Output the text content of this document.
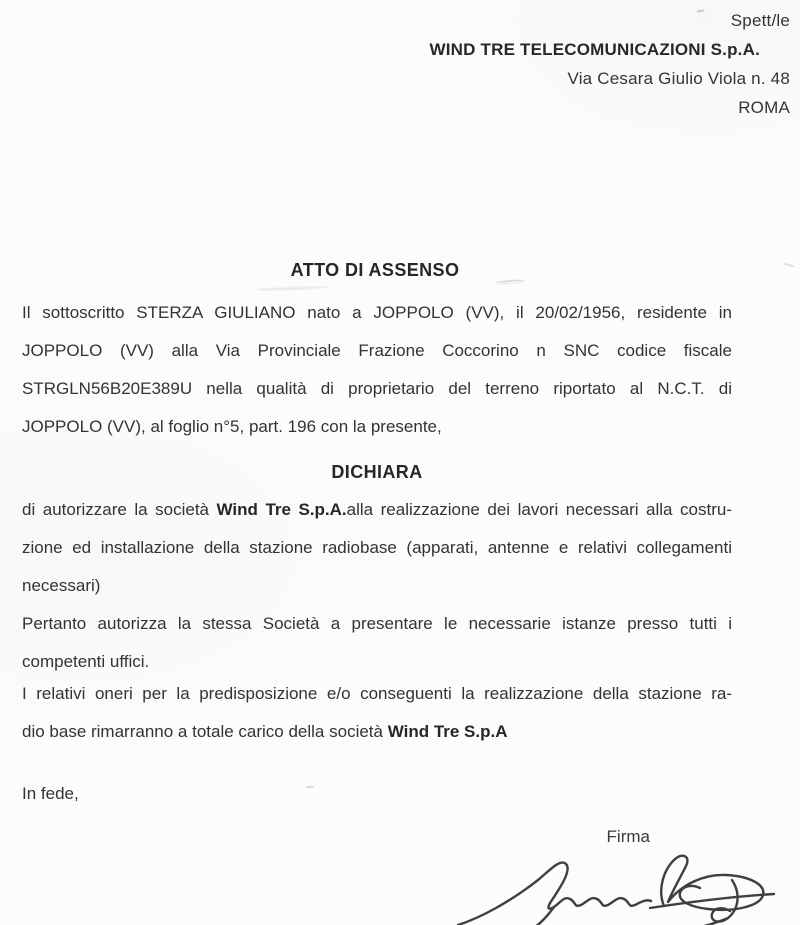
Spett/le
WIND TRE TELECOMUNICAZIONI S.p.A.
Via Cesara Giulio Viola n. 48
ROMA
ATTO DI ASSENSO
Il sottoscritto STERZA GIULIANO nato a JOPPOLO (VV), il 20/02/1956, residente in
JOPPOLO (VV) alla Via Provinciale Frazione Coccorino n SNC codice fiscale
STRGLN56B20E389U nella qualità di proprietario del terreno riportato al N.C.T. di
JOPPOLO (VV), al foglio n°5, part. 196 con la presente,
DICHIARA
di autorizzare la società Wind Tre S.p.A.alla realizzazione dei lavori necessari alla costru-
zione ed installazione della stazione radiobase (apparati, antenne e relativi collegamenti
necessari)
Pertanto autorizza la stessa Società a presentare le necessarie istanze presso tutti i
competenti uffici.
I relativi oneri per la predisposizione e/o conseguenti la realizzazione della stazione ra-
dio base rimarranno a totale carico della società Wind Tre S.p.A
In fede,
Firma
